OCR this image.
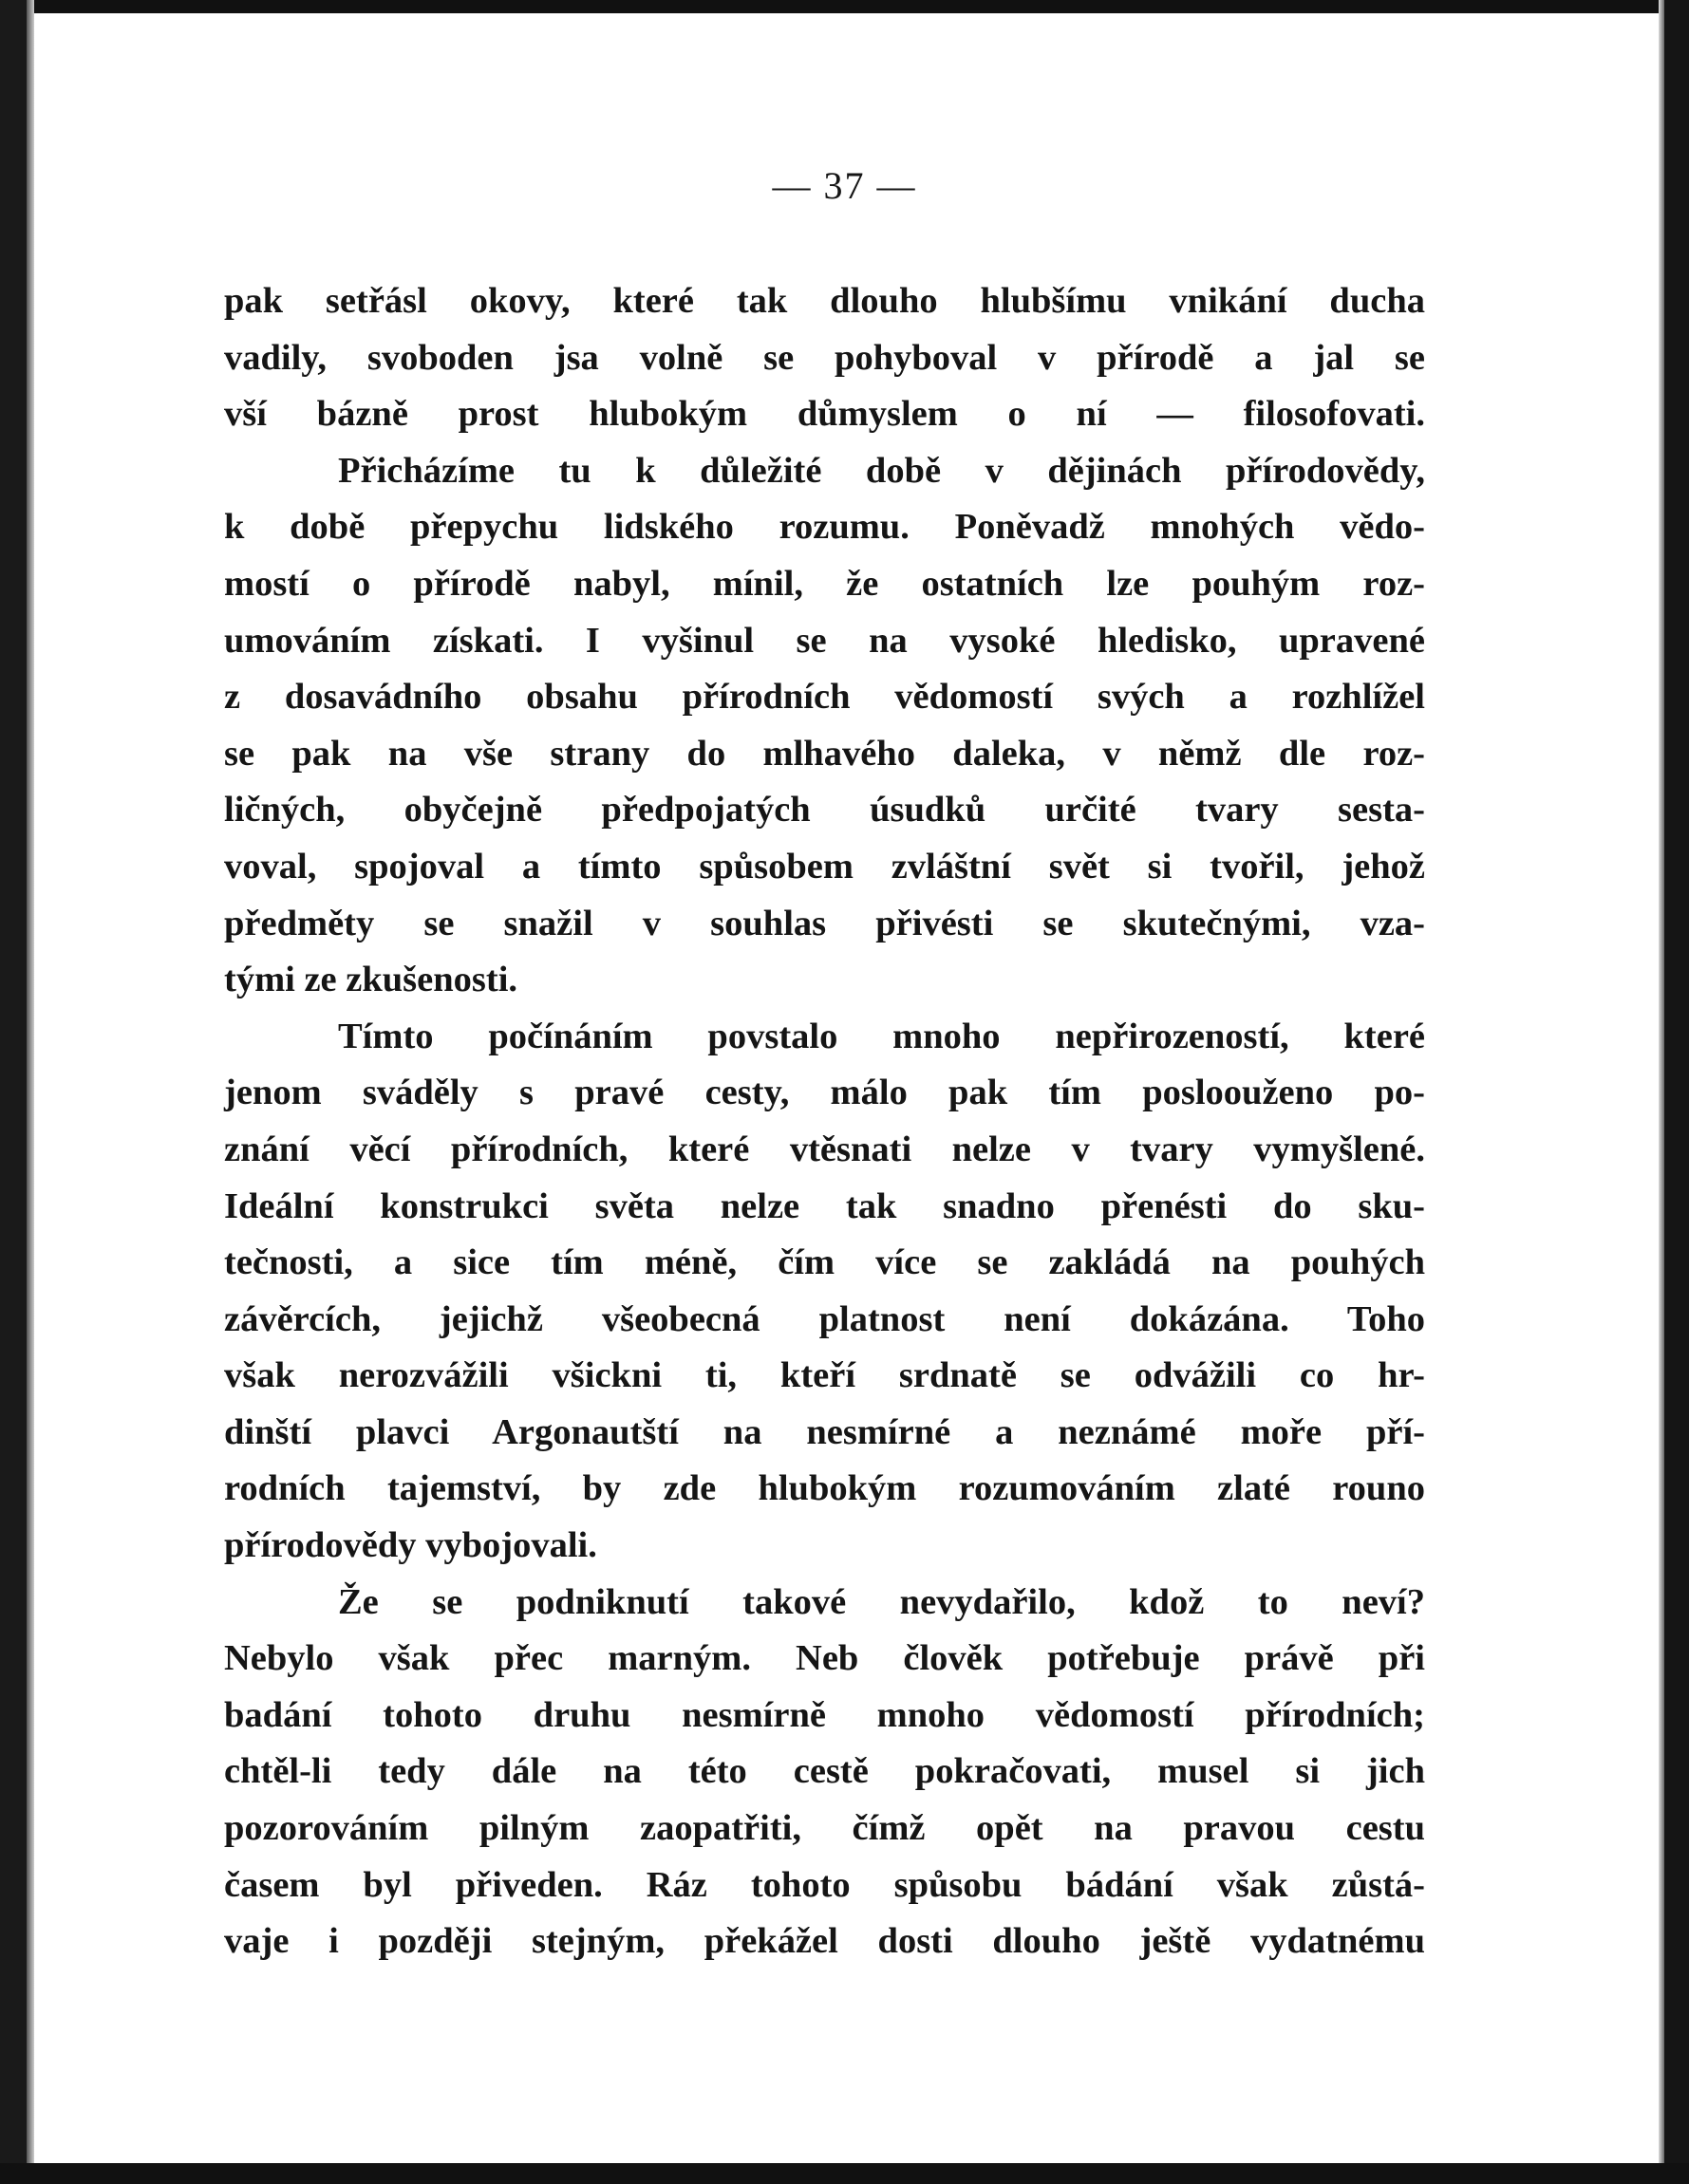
— 37 —
pak setřásl okovy, které tak dlouho hlubšímu vnikání ducha
vadily, svoboden jsa volně se pohyboval v přírodě a jal se
vší bázně prost hlubokým důmyslem o ní — filosofovati.
Přicházíme tu k důležité době v dějinách přírodovědy,
k době přepychu lidského rozumu. Poněvadž mnohých vědo-
mostí o přírodě nabyl, mínil, že ostatních lze pouhým roz-
umováním získati. I vyšinul se na vysoké hledisko, upravené
z dosavádního obsahu přírodních vědomostí svých a rozhlížel
se pak na vše strany do mlhavého daleka, v němž dle roz-
ličných, obyčejně předpojatých úsudků určité tvary sesta-
voval, spojoval a tímto spůsobem zvláštní svět si tvořil, jehož
předměty se snažil v souhlas přivésti se skutečnými, vza-
tými ze zkušenosti.
Tímto počínáním povstalo mnoho nepřirozeností, které
jenom sváděly s pravé cesty, málo pak tím posloouženo po-
znání věcí přírodních, které vtěsnati nelze v tvary vymyšlené.
Ideální konstrukci světa nelze tak snadno přenésti do sku-
tečnosti, a sice tím méně, čím více se zakládá na pouhých
závěrcích, jejichž všeobecná platnost není dokázána. Toho
však nerozvážili všickni ti, kteří srdnatě se odvážili co hr-
dinští plavci Argonautští na nesmírné a neznámé moře pří-
rodních tajemství, by zde hlubokým rozumováním zlaté rouno
přírodovědy vybojovali.
Že se podniknutí takové nevydařilo, kdož to neví?
Nebylo však přec marným. Neb člověk potřebuje právě při
badání tohoto druhu nesmírně mnoho vědomostí přírodních;
chtěl-li tedy dále na této cestě pokračovati, musel si jich
pozorováním pilným zaopatřiti, čímž opět na pravou cestu
časem byl přiveden. Ráz tohoto spůsobu bádání však zůstá-
vaje i později stejným, překážel dosti dlouho ještě vydatnému
